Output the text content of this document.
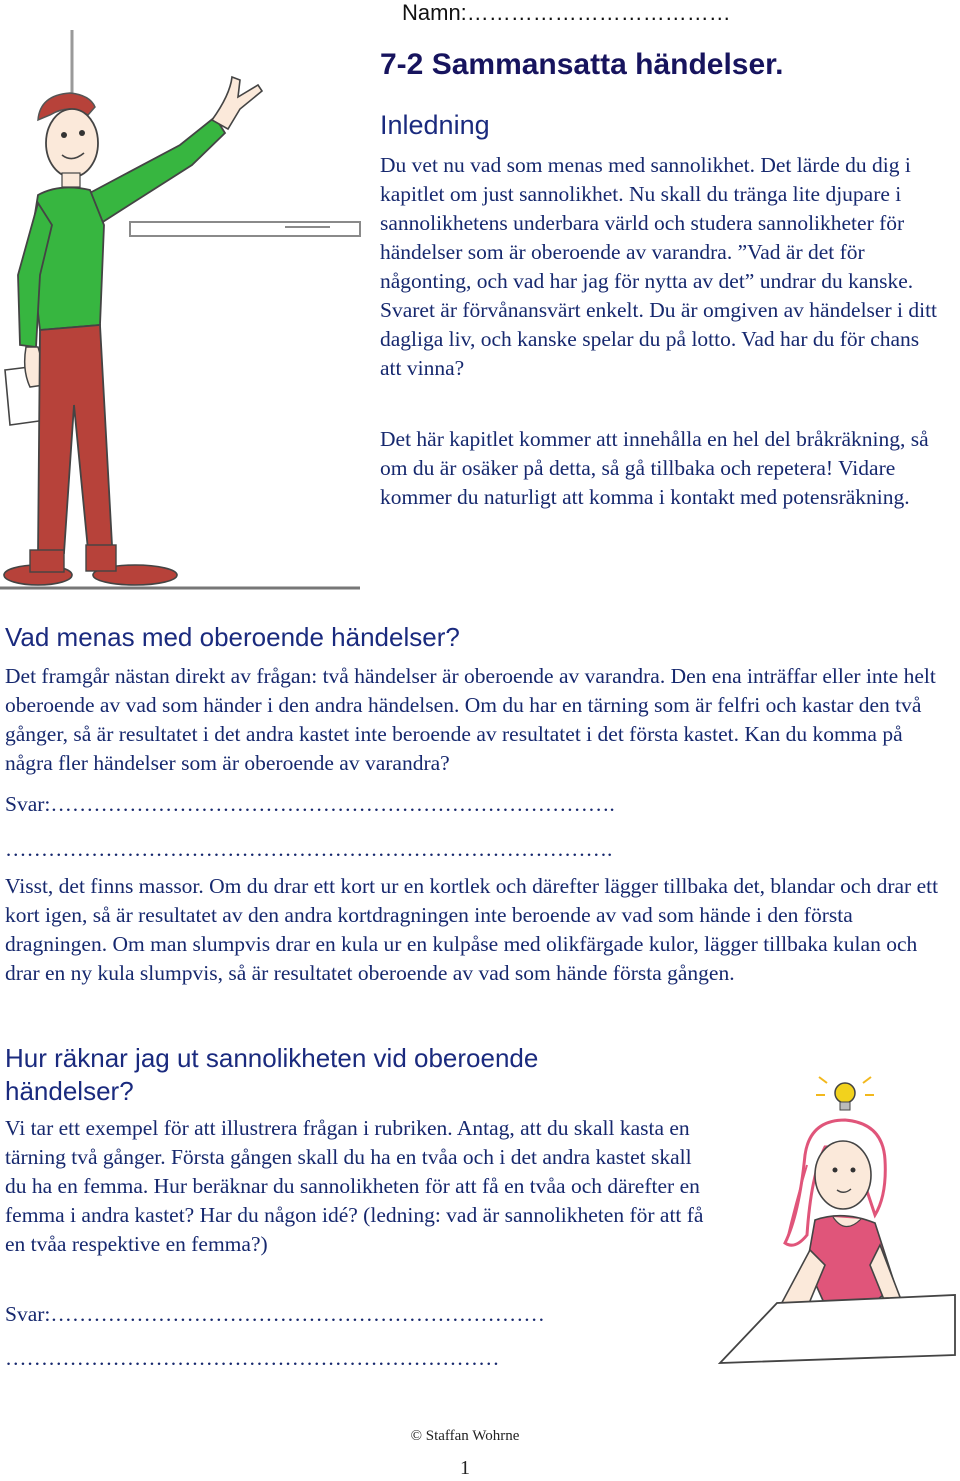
Namn:………………………………
7-2 Sammansatta händelser.
Inledning

Du vet nu vad som menas med sannolikhet. Det lärde du dig i kapitlet om just sannolikhet. Nu skall du tränga lite djupare i sannolikhetens underbara värld och studera sannolikheter för händelser som är oberoende av varandra. ”Vad är det för någonting, och vad har jag för nytta av det” undrar du kanske. Svaret är förvånansvärt enkelt. Du är omgiven av händelser i ditt dagliga liv, och kanske spelar du på lotto. Vad har du för chans att vinna?

Det här kapitlet kommer att innehålla en hel del bråkräkning, så om du är osäker på detta, så gå tillbaka och repetera! Vidare kommer du naturligt att komma i kontakt med potensräkning.

Vad menas med oberoende händelser?

Det framgår nästan direkt av frågan: två händelser är oberoende av varandra. Den ena inträffar eller inte helt oberoende av vad som händer i den andra händelsen. Om du har en tärning som är felfri och kastar den två gånger, så är resultatet i det andra kastet inte beroende av resultatet i det första kastet. Kan du komma på några fler händelser som är oberoende av varandra?

Svar:…………………………………………………………………….
………………………………………………………………………….

Visst, det finns massor. Om du drar ett kort ur en kortlek och därefter lägger tillbaka det, blandar och drar ett kort igen, så är resultatet av den andra kortdragningen inte beroende av vad som hände i den första dragningen. Om man slumpvis drar en kula ur en kulpåse med olikfärgade kulor, lägger tillbaka kulan och drar en ny kula slumpvis, så är resultatet oberoende av vad som hände första gången.

Hur räknar jag ut sannolikheten vid oberoende händelser?

Vi tar ett exempel för att illustrera frågan i rubriken. Antag, att du skall kasta en tärning två gånger. Första gången skall du ha en tvåa och i det andra kastet skall du ha en femma. Hur beräknar du sannolikheten för att få en tvåa och därefter en femma i andra kastet? Har du någon idé? (ledning: vad är sannolikheten för att få en tvåa respektive en femma?)

Svar:……………………………………………………………
……………………………………………………………
© Staffan Wohrne
1
